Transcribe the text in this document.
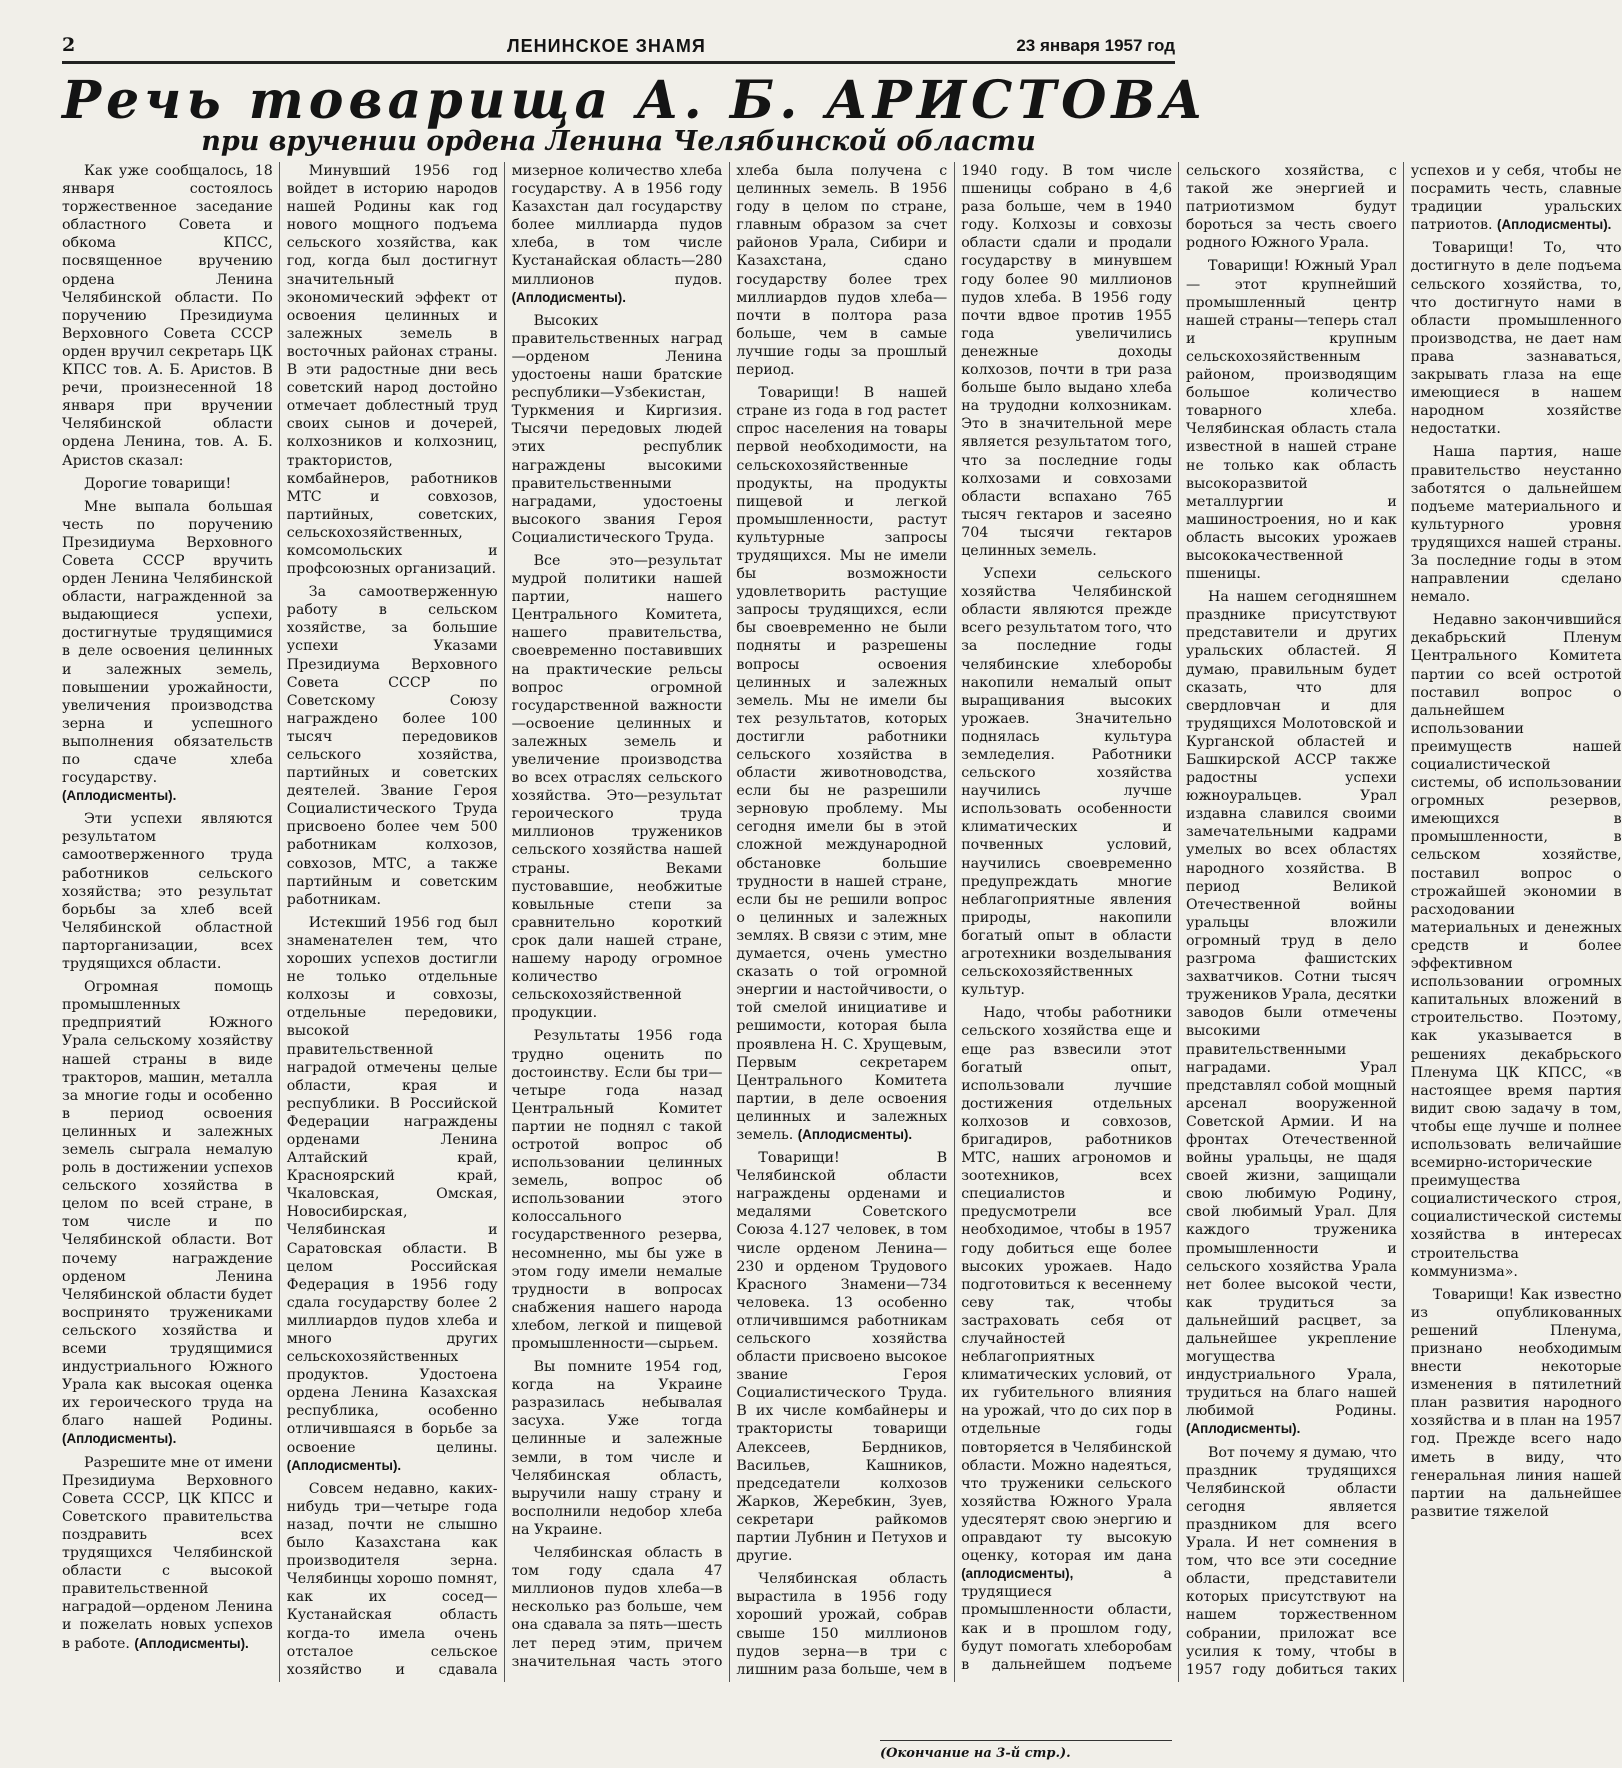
2	ЛЕНИНСКОЕ ЗНАМЯ	23 января 1957 год
Речь товарища А. Б. АРИСТОВА
при вручении ордена Ленина Челябинской области

Как уже сообщалось, 18 января состоялось торжественное заседание областного Совета и обкома КПСС, посвященное вручению ордена Ленина Челябинской области. По поручению Президиума Верховного Совета СССР орден вручил секретарь ЦК КПСС тов. А. Б. Аристов. В речи, произнесенной 18 января при вручении Челябинской области ордена Ленина, тов. А. Б. Аристов сказал:

Дорогие товарищи!

Мне выпала большая честь по поручению Президиума Верховного Совета СССР вручить орден Ленина Челябинской области, награжденной за выдающиеся успехи, достигнутые трудящимися в деле освоения целинных и залежных земель, повышении урожайности, увеличения производства зерна и успешного выполнения обязательств по сдаче хлеба государству. (Аплодисменты).

Эти успехи являются результатом самоотверженного труда работников сельского хозяйства; это результат борьбы за хлеб всей Челябинской областной парторганизации, всех трудящихся области.

Огромная помощь промышленных предприятий Южного Урала сельскому хозяйству нашей страны в виде тракторов, машин, металла за многие годы и особенно в период освоения целинных и залежных земель сыграла немалую роль в достижении успехов сельского хозяйства в целом по всей стране, в том числе и по Челябинской области. Вот почему награждение орденом Ленина Челябинской области будет воспринято тружениками сельского хозяйства и всеми трудящимися индустриального Южного Урала как высокая оценка их героического труда на благо нашей Родины. (Аплодисменты).

Разрешите мне от имени Президиума Верховного Совета СССР, ЦК КПСС и Советского правительства поздравить всех трудящихся Челябинской области с высокой правительственной наградой—орденом Ленина и пожелать новых успехов в работе. (Аплодисменты).

Минувший 1956 год войдет в историю народов нашей Родины как год нового мощного подъема сельского хозяйства, как год, когда был достигнут значительный экономический эффект от освоения целинных и залежных земель в восточных районах страны. В эти радостные дни весь советский народ достойно отмечает доблестный труд своих сынов и дочерей, колхозников и колхозниц, трактористов, комбайнеров, работников МТС и совхозов, партийных, советских, сельскохозяйственных, комсомольских и профсоюзных организаций.

За самоотверженную работу в сельском хозяйстве, за большие успехи Указами Президиума Верховного Совета СССР по Советскому Союзу награждено более 100 тысяч передовиков сельского хозяйства, партийных и советских деятелей. Звание Героя Социалистического Труда присвоено более чем 500 работникам колхозов, совхозов, МТС, а также партийным и советским работникам.

Истекший 1956 год был знаменателен тем, что хороших успехов достигли не только отдельные колхозы и совхозы, отдельные передовики, высокой правительственной наградой отмечены целые области, края и республики. В Российской Федерации награждены орденами Ленина Алтайский край, Красноярский край, Чкаловская, Омская, Новосибирская, Челябинская и Саратовская области. В целом Российская Федерация в 1956 году сдала государству более 2 миллиардов пудов хлеба и много других сельскохозяйственных продуктов. Удостоена ордена Ленина Казахская республика, особенно отличившаяся в борьбе за освоение целины. (Аплодисменты).

Совсем недавно, каких-нибудь три—четыре года назад, почти не слышно было Казахстана как производителя зерна. Челябинцы хорошо помнят, как их сосед—Кустанайская область когда-то имела очень отсталое сельское хозяйство и сдавала мизерное количество хлеба государству. А в 1956 году Казахстан дал государству более миллиарда пудов хлеба, в том числе Кустанайская область—280 миллионов пудов. (Аплодисменты).

Высоких правительственных наград—орденом Ленина удостоены наши братские республики—Узбекистан, Туркмения и Киргизия. Тысячи передовых людей этих республик награждены высокими правительственными наградами, удостоены высокого звания Героя Социалистического Труда.

Все это—результат мудрой политики нашей партии, нашего Центрального Комитета, нашего правительства, своевременно поставивших на практические рельсы вопрос огромной государственной важности—освоение целинных и залежных земель и увеличение производства во всех отраслях сельского хозяйства. Это—результат героического труда миллионов тружеников сельского хозяйства нашей страны. Веками пустовавшие, необжитые ковыльные степи за сравнительно короткий срок дали нашей стране, нашему народу огромное количество сельскохозяйственной продукции.

Результаты 1956 года трудно оценить по достоинству. Если бы три—четыре года назад Центральный Комитет партии не поднял с такой остротой вопрос об использовании целинных земель, вопрос об использовании этого колоссального государственного резерва, несомненно, мы бы уже в этом году имели немалые трудности в вопросах снабжения нашего народа хлебом, легкой и пищевой промышленности—сырьем.

Вы помните 1954 год, когда на Украине разразилась небывалая засуха. Уже тогда целинные и залежные земли, в том числе и Челябинская область, выручили нашу страну и восполнили недобор хлеба на Украине.

Челябинская область в том году сдала 47 миллионов пудов хлеба—в несколько раз больше, чем она сдавала за пять—шесть лет перед этим, причем значительная часть этого хлеба была получена с целинных земель. В 1956 году в целом по стране, главным образом за счет районов Урала, Сибири и Казахстана, сдано государству более трех миллиардов пудов хлеба—почти в полтора раза больше, чем в самые лучшие годы за прошлый период.

Товарищи! В нашей стране из года в год растет спрос населения на товары первой необходимости, на сельскохозяйственные продукты, на продукты пищевой и легкой промышленности, растут культурные запросы трудящихся. Мы не имели бы возможности удовлетворить растущие запросы трудящихся, если бы своевременно не были подняты и разрешены вопросы освоения целинных и залежных земель. Мы не имели бы тех результатов, которых достигли работники сельского хозяйства в области животноводства, если бы не разрешили зерновую проблему. Мы сегодня имели бы в этой сложной международной обстановке большие трудности в нашей стране, если бы не решили вопрос о целинных и залежных землях. В связи с этим, мне думается, очень уместно сказать о той огромной энергии и настойчивости, о той смелой инициативе и решимости, которая была проявлена Н. С. Хрущевым, Первым секретарем Центрального Комитета партии, в деле освоения целинных и залежных земель. (Аплодисменты).

Товарищи! В Челябинской области награждены орденами и медалями Советского Союза 4.127 человек, в том числе орденом Ленина—230 и орденом Трудового Красного Знамени—734 человека. 13 особенно отличившимся работникам сельского хозяйства области присвоено высокое звание Героя Социалистического Труда. В их числе комбайнеры и трактористы товарищи Алексеев, Бердников, Васильев, Кашников, председатели колхозов Жарков, Жеребкин, Зуев, секретари райкомов партии Лубнин и Петухов и другие.

Челябинская область вырастила в 1956 году хороший урожай, собрав свыше 150 миллионов пудов зерна—в три с лишним раза больше, чем в 1940 году. В том числе пшеницы собрано в 4,6 раза больше, чем в 1940 году. Колхозы и совхозы области сдали и продали государству в минувшем году более 90 миллионов пудов хлеба. В 1956 году почти вдвое против 1955 года увеличились денежные доходы колхозов, почти в три раза больше было выдано хлеба на трудодни колхозникам. Это в значительной мере является результатом того, что за последние годы колхозами и совхозами области вспахано 765 тысяч гектаров и засеяно 704 тысячи гектаров целинных земель.

Успехи сельского хозяйства Челябинской области являются прежде всего результатом того, что за последние годы челябинские хлеборобы накопили немалый опыт выращивания высоких урожаев. Значительно поднялась культура земледелия. Работники сельского хозяйства научились лучше использовать особенности климатических и почвенных условий, научились своевременно предупреждать многие неблагоприятные явления природы, накопили богатый опыт в области агротехники возделывания сельскохозяйственных культур.

Надо, чтобы работники сельского хозяйства еще и еще раз взвесили этот богатый опыт, использовали лучшие достижения отдельных колхозов и совхозов, бригадиров, работников МТС, наших агрономов и зоотехников, всех специалистов и предусмотрели все необходимое, чтобы в 1957 году добиться еще более высоких урожаев. Надо подготовиться к весеннему севу так, чтобы застраховать себя от случайностей неблагоприятных климатических условий, от их губительного влияния на урожай, что до сих пор в отдельные годы повторяется в Челябинской области. Можно надеяться, что труженики сельского хозяйства Южного Урала удесятерят свою энергию и оправдают ту высокую оценку, которая им дана (аплодисменты),	а трудящиеся промышленности области, как и в прошлом году, будут помогать хлеборобам в дальнейшем подъеме сельского хозяйства, с такой же энергией и патриотизмом будут бороться за честь своего родного Южного Урала.

Товарищи! Южный Урал — этот крупнейший промышленный центр нашей страны—теперь стал и крупным сельскохозяйственным районом, производящим большое количество товарного хлеба. Челябинская область стала известной в нашей стране не только как область высокоразвитой металлургии и машиностроения, но и как область высоких урожаев высококачественной пшеницы.

На нашем сегодняшнем празднике присутствуют представители и других уральских областей. Я думаю, правильным будет сказать, что для свердловчан и для трудящихся Молотовской и Курганской областей и Башкирской АССР также радостны успехи южноуральцев. Урал издавна славился своими замечательными кадрами умелых во всех областях народного хозяйства. В период Великой Отечественной войны уральцы вложили огромный труд в дело разгрома фашистских захватчиков. Сотни тысяч тружеников Урала, десятки заводов были отмечены высокими правительственными наградами. Урал представлял собой мощный арсенал вооруженной Советской Армии. И на фронтах Отечественной войны уральцы, не щадя своей жизни, защищали свою любимую Родину, свой любимый Урал. Для каждого труженика промышленности и сельского хозяйства Урала нет более высокой чести, как трудиться за дальнейший расцвет, за дальнейшее укрепление могущества индустриального Урала, трудиться на благо нашей любимой Родины. (Аплодисменты).

Вот почему я думаю, что праздник трудящихся Челябинской области сегодня является праздником для всего Урала. И нет сомнения в том, что все эти соседние области, представители которых присутствуют на нашем торжественном собрании, приложат все усилия к тому, чтобы в 1957 году добиться таких успехов и у себя, чтобы не посрамить честь, славные традиции уральских патриотов. (Аплодисменты).

Товарищи! То, что достигнуто в деле подъема сельского хозяйства, то, что достигнуто нами в области промышленного производства, не дает нам права зазнаваться, закрывать глаза на еще имеющиеся в нашем народном хозяйстве недостатки.

Наша партия, наше правительство неустанно заботятся о дальнейшем подъеме материального и культурного уровня трудящихся нашей страны. За последние годы в этом направлении сделано немало.

Недавно закончившийся декабрьский Пленум Центрального Комитета партии со всей остротой поставил вопрос о дальнейшем использовании преимуществ нашей социалистической системы, об использовании огромных резервов, имеющихся в промышленности, в сельском хозяйстве, поставил вопрос о строжайшей экономии в расходовании материальных и денежных средств и более эффективном использовании огромных капитальных вложений в строительство. Поэтому, как указывается в решениях декабрьского Пленума ЦК КПСС, «в настоящее время партия видит свою задачу в том, чтобы еще лучше и полнее использовать величайшие всемирно-исторические преимущества социалистического строя, социалистической системы хозяйства в интересах строительства коммунизма».

Товарищи! Как известно из опубликованных решений Пленума, признано необходимым внести некоторые изменения в пятилетний план развития народного хозяйства и в план на 1957 год. Прежде всего надо иметь в виду, что генеральная линия нашей партии на дальнейшее развитие тяжелой

(Окончание на 3-й стр.).
